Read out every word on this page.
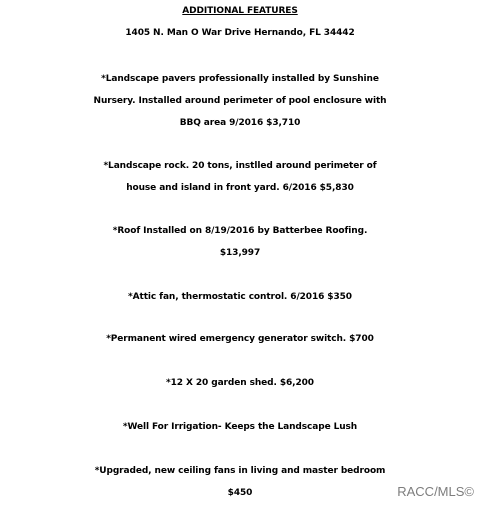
ADDITIONAL FEATURES
1405 N. Man O War Drive Hernando, FL 34442
*Landscape pavers professionally installed by Sunshine
Nursery. Installed around perimeter of pool enclosure with
BBQ area 9/2016 $3,710
*Landscape rock. 20 tons, instlled around perimeter of
house and island in front yard. 6/2016 $5,830
*Roof Installed on 8/19/2016 by Batterbee Roofing.
$13,997
*Attic fan, thermostatic control. 6/2016 $350
*Permanent wired emergency generator switch. $700
*12 X 20 garden shed. $6,200
*Well For Irrigation- Keeps the Landscape Lush
*Upgraded, new ceiling fans in living and master bedroom
$450	RACC/MLS©
